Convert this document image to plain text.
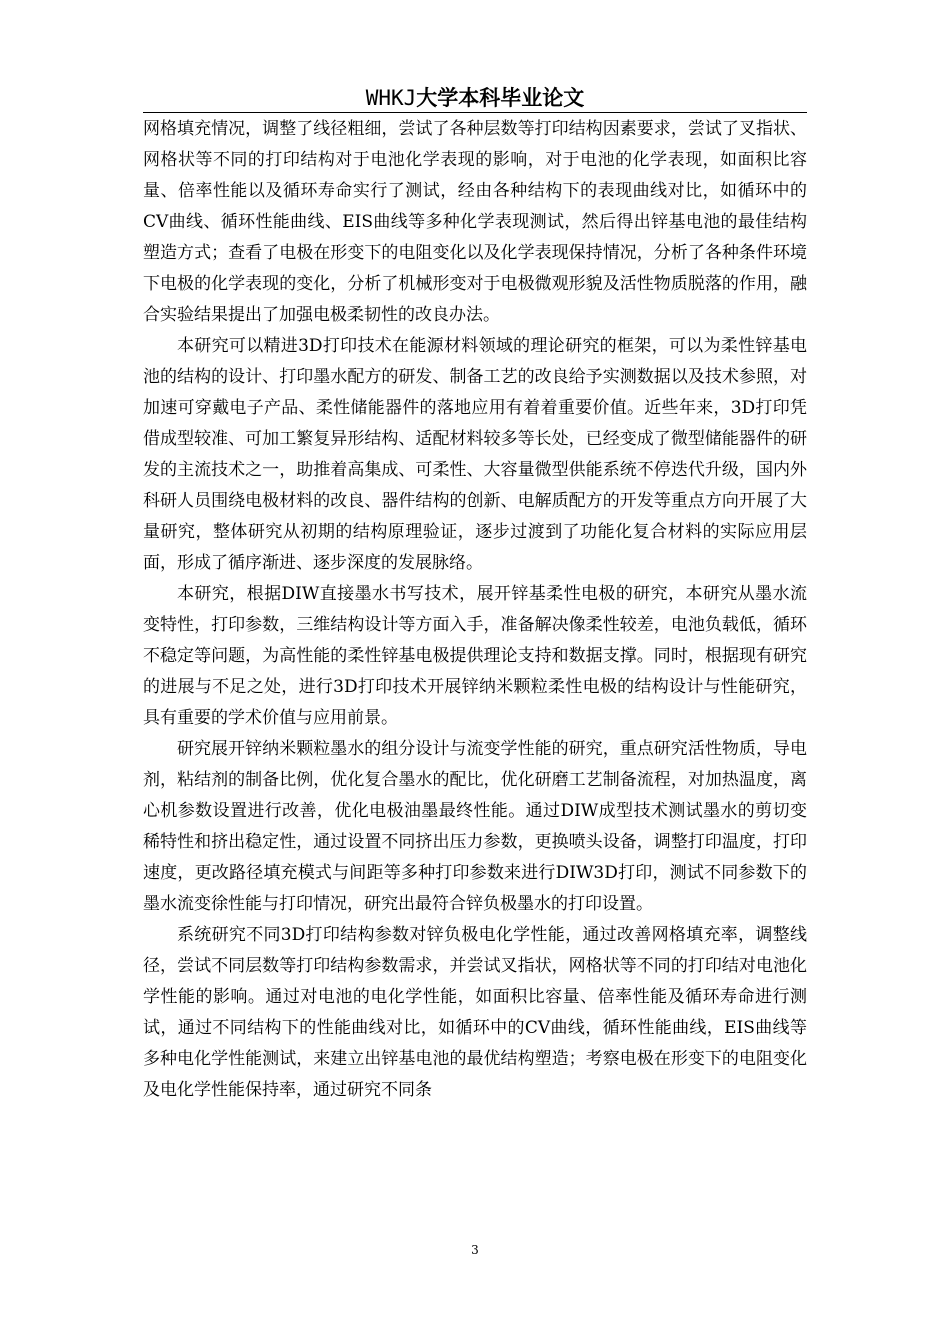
WHKJ大学本科毕业论文

网格填充情况，调整了线径粗细，尝试了各种层数等打印结构因素要求，尝试了叉指状、网格状等不同的打印结构对于电池化学表现的影响，对于电池的化学表现，如面积比容量、倍率性能以及循环寿命实行了测试，经由各种结构下的表现曲线对比，如循环中的CV曲线、循环性能曲线、EIS曲线等多种化学表现测试，然后得出锌基电池的最佳结构塑造方式；查看了电极在形变下的电阻变化以及化学表现保持情况，分析了各种条件环境下电极的化学表现的变化，分析了机械形变对于电极微观形貌及活性物质脱落的作用，融合实验结果提出了加强电极柔韧性的改良办法。

本研究可以精进3D打印技术在能源材料领域的理论研究的框架，可以为柔性锌基电池的结构的设计、打印墨水配方的研发、制备工艺的改良给予实测数据以及技术参照，对加速可穿戴电子产品、柔性储能器件的落地应用有着着重要价值。近些年来，3D打印凭借成型较准、可加工繁复异形结构、适配材料较多等长处，已经变成了微型储能器件的研发的主流技术之一，助推着高集成、可柔性、大容量微型供能系统不停迭代升级，国内外科研人员围绕电极材料的改良、器件结构的创新、电解质配方的开发等重点方向开展了大量研究，整体研究从初期的结构原理验证，逐步过渡到了功能化复合材料的实际应用层面，形成了循序渐进、逐步深度的发展脉络。

本研究，根据DIW直接墨水书写技术，展开锌基柔性电极的研究，本研究从墨水流变特性，打印参数，三维结构设计等方面入手，准备解决像柔性较差，电池负载低，循环不稳定等问题，为高性能的柔性锌基电极提供理论支持和数据支撑。同时，根据现有研究的进展与不足之处，进行3D打印技术开展锌纳米颗粒柔性电极的结构设计与性能研究，具有重要的学术价值与应用前景。

研究展开锌纳米颗粒墨水的组分设计与流变学性能的研究，重点研究活性物质，导电剂，粘结剂的制备比例，优化复合墨水的配比，优化研磨工艺制备流程，对加热温度，离心机参数设置进行改善，优化电极油墨最终性能。通过DIW成型技术测试墨水的剪切变稀特性和挤出稳定性，通过设置不同挤出压力参数，更换喷头设备，调整打印温度，打印速度，更改路径填充模式与间距等多种打印参数来进行DIW3D打印，测试不同参数下的墨水流变徐性能与打印情况，研究出最符合锌负极墨水的打印设置。

系统研究不同3D打印结构参数对锌负极电化学性能，通过改善网格填充率，调整线径，尝试不同层数等打印结构参数需求，并尝试叉指状，网格状等不同的打印结对电池化学性能的影响。通过对电池的电化学性能，如面积比容量、倍率性能及循环寿命进行测试，通过不同结构下的性能曲线对比，如循环中的CV曲线，循环性能曲线，EIS曲线等多种电化学性能测试，来建立出锌基电池的最优结构塑造；考察电极在形变下的电阻变化及电化学性能保持率，通过研究不同条

3
